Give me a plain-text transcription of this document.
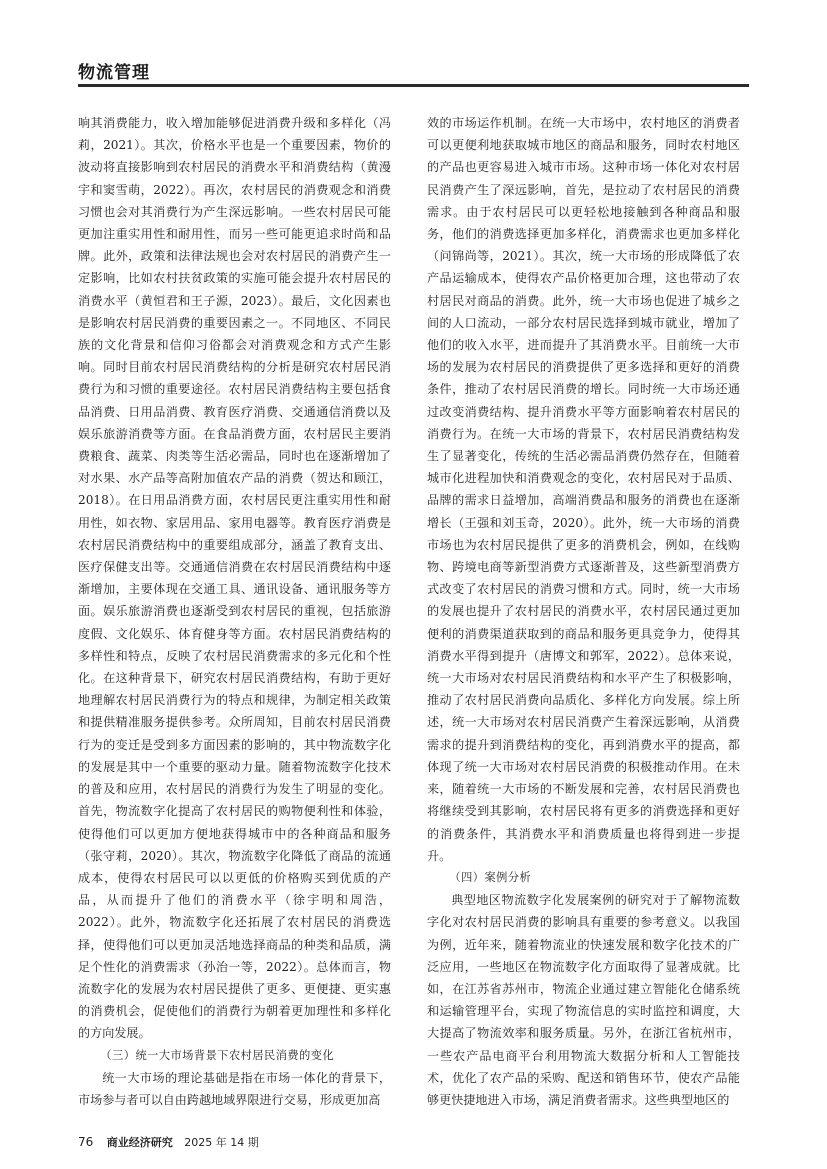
物流管理

响其消费能力，收入增加能够促进消费升级和多样化（冯莉，2021）。其次，价格水平也是一个重要因素，物价的波动将直接影响到农村居民的消费水平和消费结构（黄漫宇和窦雪萌，2022）。再次，农村居民的消费观念和消费习惯也会对其消费行为产生深远影响。一些农村居民可能更加注重实用性和耐用性，而另一些可能更追求时尚和品牌。此外，政策和法律法规也会对农村居民的消费产生一定影响，比如农村扶贫政策的实施可能会提升农村居民的消费水平（黄恒君和王子源，2023）。最后，文化因素也是影响农村居民消费的重要因素之一。不同地区、不同民族的文化背景和信仰习俗都会对消费观念和方式产生影响。同时目前农村居民消费结构的分析是研究农村居民消费行为和习惯的重要途径。农村居民消费结构主要包括食品消费、日用品消费、教育医疗消费、交通通信消费以及娱乐旅游消费等方面。在食品消费方面，农村居民主要消费粮食、蔬菜、肉类等生活必需品，同时也在逐渐增加了对水果、水产品等高附加值农产品的消费（贺达和顾江，2018）。在日用品消费方面，农村居民更注重实用性和耐用性，如衣物、家居用品、家用电器等。教育医疗消费是农村居民消费结构中的重要组成部分，涵盖了教育支出、医疗保健支出等。交通通信消费在农村居民消费结构中逐渐增加，主要体现在交通工具、通讯设备、通讯服务等方面。娱乐旅游消费也逐渐受到农村居民的重视，包括旅游度假、文化娱乐、体育健身等方面。农村居民消费结构的多样性和特点，反映了农村居民消费需求的多元化和个性化。在这种背景下，研究农村居民消费结构，有助于更好地理解农村居民消费行为的特点和规律，为制定相关政策和提供精准服务提供参考。众所周知，目前农村居民消费行为的变迁是受到多方面因素的影响的，其中物流数字化的发展是其中一个重要的驱动力量。随着物流数字化技术的普及和应用，农村居民的消费行为发生了明显的变化。首先，物流数字化提高了农村居民的购物便利性和体验，使得他们可以更加方便地获得城市中的各种商品和服务（张守莉，2020）。其次，物流数字化降低了商品的流通成本，使得农村居民可以以更低的价格购买到优质的产品，从而提升了他们的消费水平（徐宇明和周浩，2022）。此外，物流数字化还拓展了农村居民的消费选择，使得他们可以更加灵活地选择商品的种类和品质，满足个性化的消费需求（孙治一等，2022）。总体而言，物流数字化的发展为农村居民提供了更多、更便捷、更实惠的消费机会，促使他们的消费行为朝着更加理性和多样化的方向发展。

（三）统一大市场背景下农村居民消费的变化

统一大市场的理论基础是指在市场一体化的背景下，市场参与者可以自由跨越地域界限进行交易，形成更加高

效的市场运作机制。在统一大市场中，农村地区的消费者可以更便利地获取城市地区的商品和服务，同时农村地区的产品也更容易进入城市市场。这种市场一体化对农村居民消费产生了深远影响，首先，是拉动了农村居民的消费需求。由于农村居民可以更轻松地接触到各种商品和服务，他们的消费选择更加多样化，消费需求也更加多样化（问锦尚等，2021）。其次，统一大市场的形成降低了农产品运输成本，使得农产品价格更加合理，这也带动了农村居民对商品的消费。此外，统一大市场也促进了城乡之间的人口流动，一部分农村居民选择到城市就业，增加了他们的收入水平，进而提升了其消费水平。目前统一大市场的发展为农村居民的消费提供了更多选择和更好的消费条件，推动了农村居民消费的增长。同时统一大市场还通过改变消费结构、提升消费水平等方面影响着农村居民的消费行为。在统一大市场的背景下，农村居民消费结构发生了显著变化，传统的生活必需品消费仍然存在，但随着城市化进程加快和消费观念的变化，农村居民对于品质、品牌的需求日益增加，高端消费品和服务的消费也在逐渐增长（王强和刘玉奇，2020）。此外，统一大市场的消费市场也为农村居民提供了更多的消费机会，例如，在线购物、跨境电商等新型消费方式逐渐普及，这些新型消费方式改变了农村居民的消费习惯和方式。同时，统一大市场的发展也提升了农村居民的消费水平，农村居民通过更加便利的消费渠道获取到的商品和服务更具竞争力，使得其消费水平得到提升（唐博文和郭军，2022）。总体来说，统一大市场对农村居民消费结构和水平产生了积极影响，推动了农村居民消费向品质化、多样化方向发展。综上所述，统一大市场对农村居民消费产生着深远影响，从消费需求的提升到消费结构的变化，再到消费水平的提高，都体现了统一大市场对农村居民消费的积极推动作用。在未来，随着统一大市场的不断发展和完善，农村居民消费也将继续受到其影响，农村居民将有更多的消费选择和更好的消费条件，其消费水平和消费质量也将得到进一步提升。

（四）案例分析

典型地区物流数字化发展案例的研究对于了解物流数字化对农村居民消费的影响具有重要的参考意义。以我国为例，近年来，随着物流业的快速发展和数字化技术的广泛应用，一些地区在物流数字化方面取得了显著成就。比如，在江苏省苏州市，物流企业通过建立智能化仓储系统和运输管理平台，实现了物流信息的实时监控和调度，大大提高了物流效率和服务质量。另外，在浙江省杭州市，一些农产品电商平台利用物流大数据分析和人工智能技术，优化了农产品的采购、配送和销售环节，使农产品能够更快捷地进入市场，满足消费者需求。这些典型地区的

76 商业经济研究 2025 年 14 期
